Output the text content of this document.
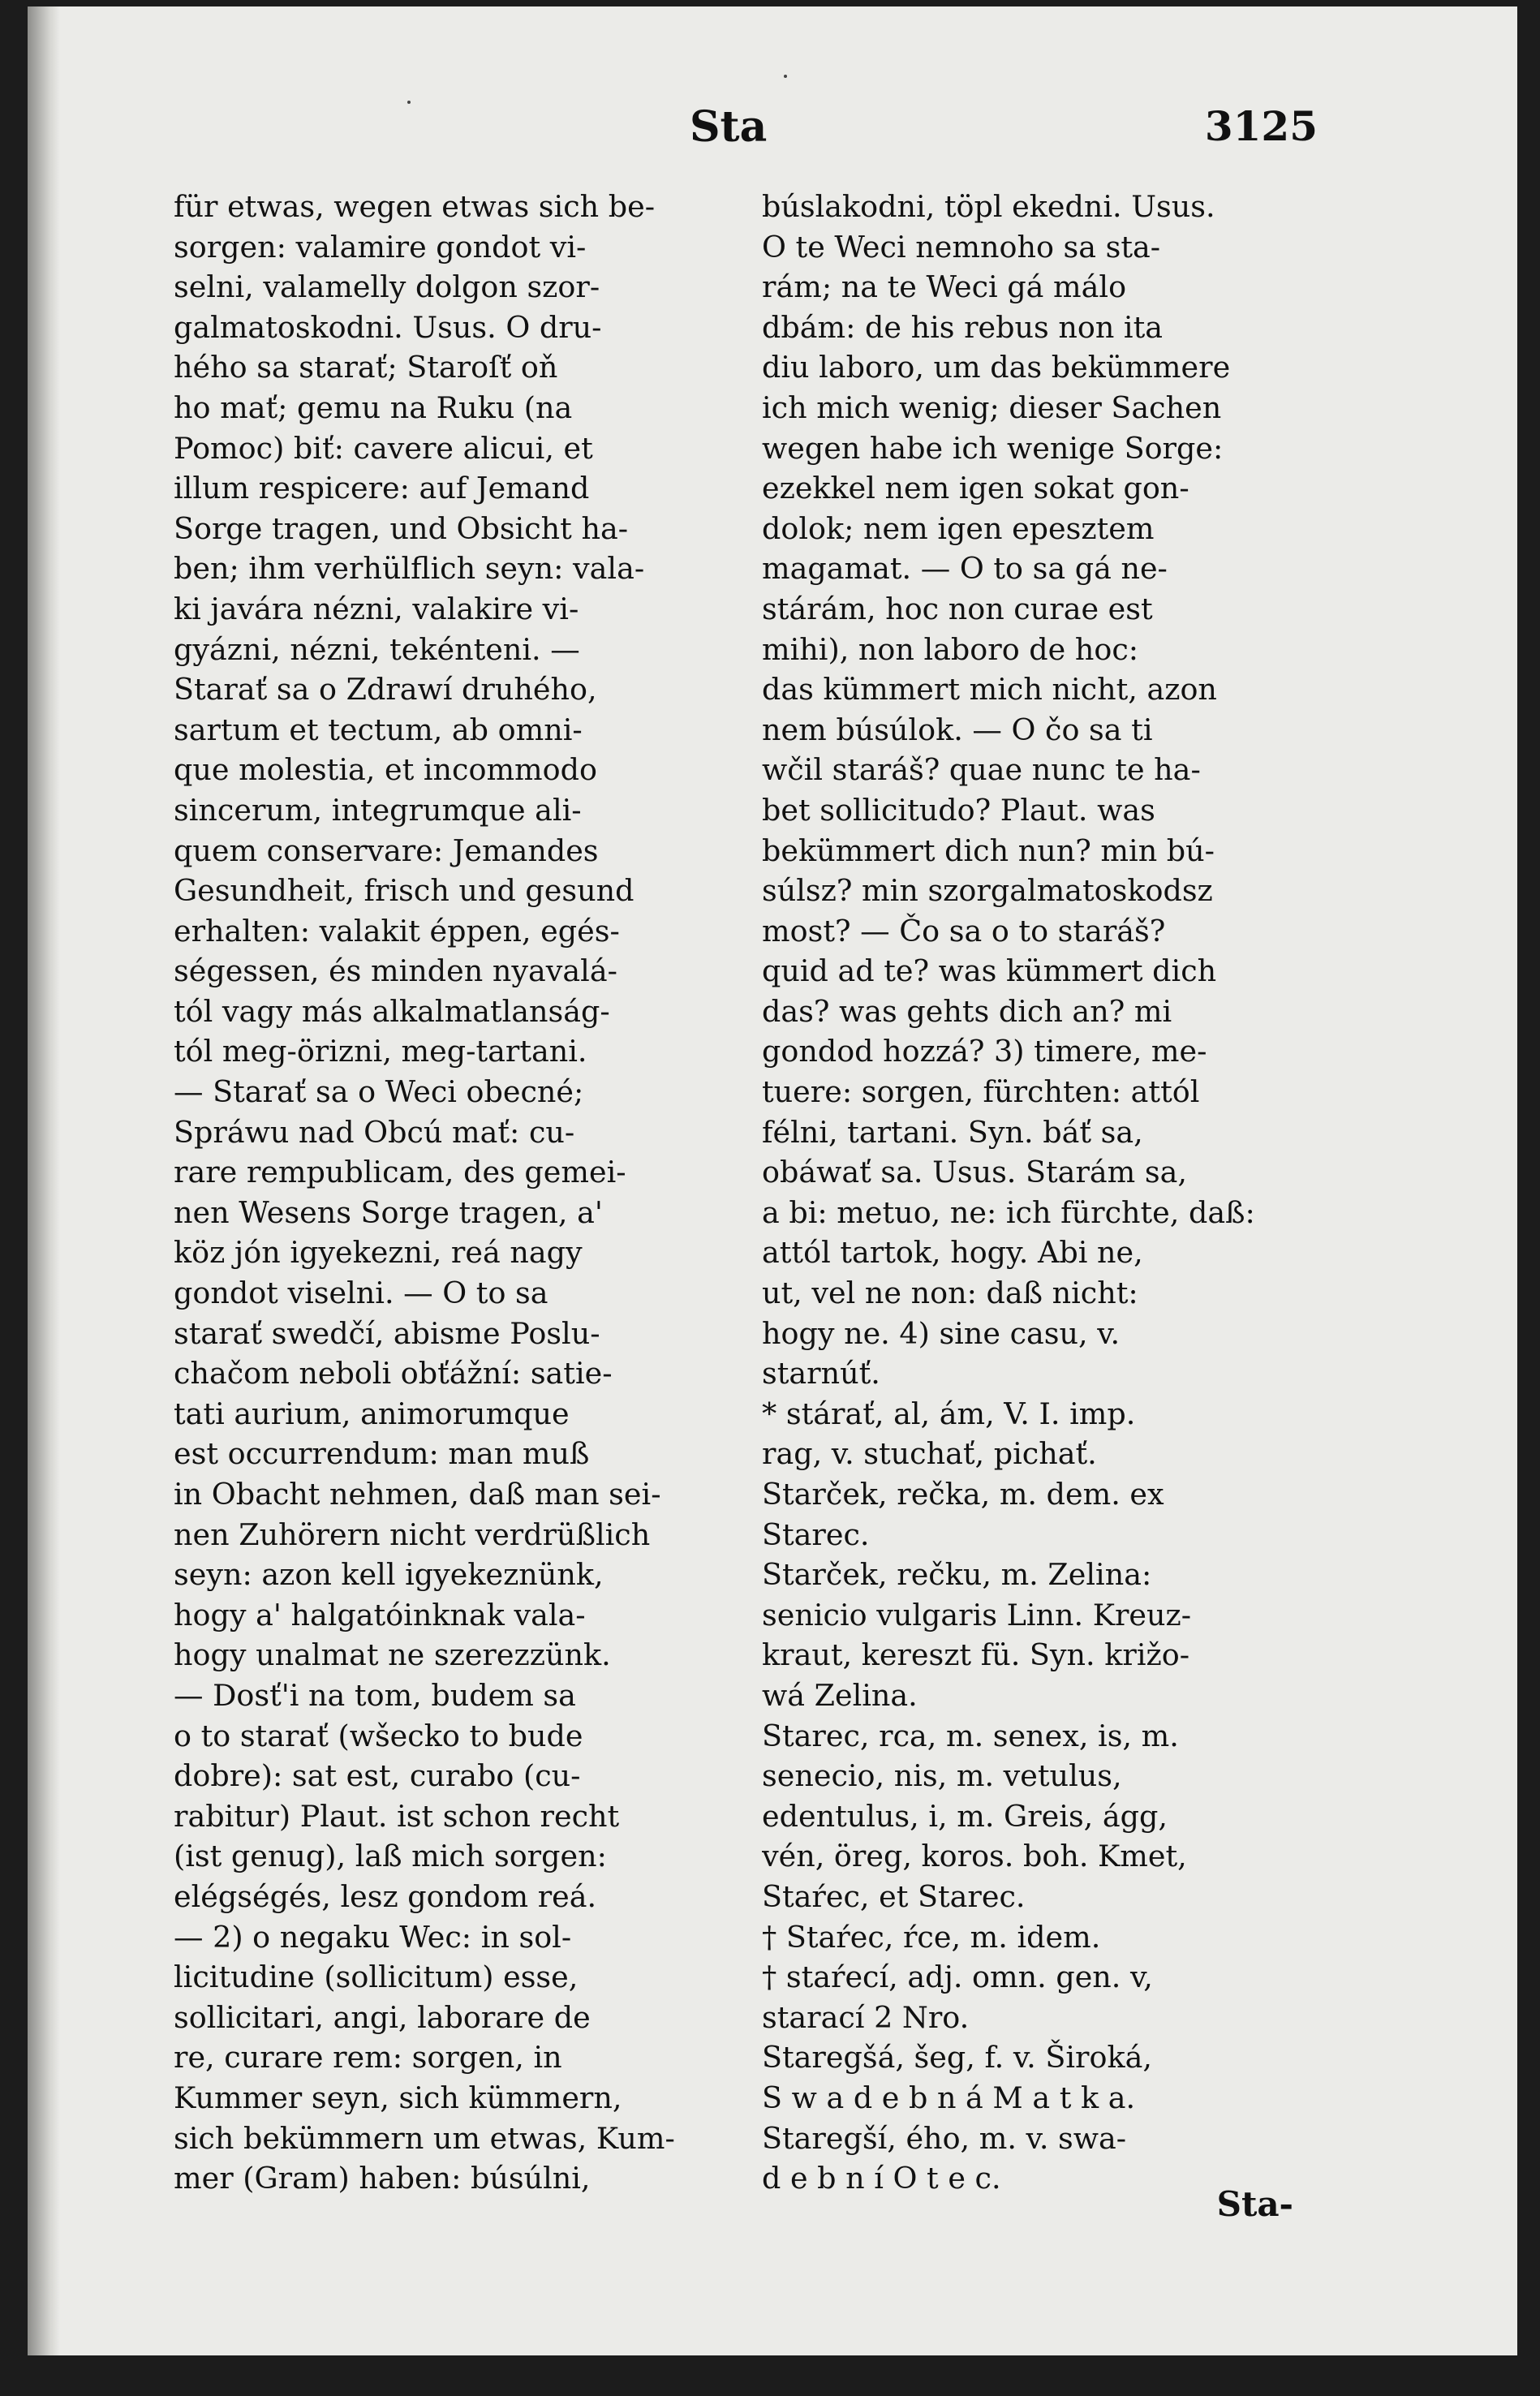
Sta	3125
für etwas, wegen etwas sich be-
sorgen: valamire gondot vi-
selni, valamelly dolgon szor-
galmatoskodni. Usus. O dru-
hého sa starať; Staroſť oň
ho mať; gemu na Ruku (na
Pomoc) biť: cavere alicui, et
illum respicere: auf Jemand
Sorge tragen, und Obsicht ha-
ben; ihm verhülflich seyn: vala-
ki javára nézni, valakire vi-
gyázni, nézni, tekénteni. —
Starať sa o Zdrawí druhého,
sartum et tectum, ab omni-
que molestia, et incommodo
sincerum, integrumque ali-
quem conservare: Jemandes
Gesundheit, frisch und gesund
erhalten: valakit éppen, egés-
ségessen, és minden nyavalá-
tól vagy más alkalmatlanság-
tól meg-örizni, meg-tartani.
— Starať sa o Weci obecné;
Spráwu nad Obcú mať: cu-
rare rempublicam, des gemei-
nen Wesens Sorge tragen, a'
köz jón igyekezni, reá nagy
gondot viselni. — O to sa
starať swedčí, abisme Poslu-
chačom neboli obťážní: satie-
tati aurium, animorumque
est occurrendum: man muß
in Obacht nehmen, daß man sei-
nen Zuhörern nicht verdrüßlich
seyn: azon kell igyekeznünk,
hogy a' halgatóinknak vala-
hogy unalmat ne szerezzünk.
— Dosť'i na tom, budem sa
o to starať (wšecko to bude
dobre): sat est, curabo (cu-
rabitur) Plaut. ist schon recht
(ist genug), laß mich sorgen:
elégségés, lesz gondom reá.
— 2) o negaku Wec: in sol-
licitudine (sollicitum) esse,
sollicitari, angi, laborare de
re, curare rem: sorgen, in
Kummer seyn, sich kümmern,
sich bekümmern um etwas, Kum-
mer (Gram) haben: búsúlni,
búslakodni, töpl ekedni. Usus.
O te Weci nemnoho sa sta-
rám; na te Weci gá málo
dbám: de his rebus non ita
diu laboro, um das bekümmere
ich mich wenig; dieser Sachen
wegen habe ich wenige Sorge:
ezekkel nem igen sokat gon-
dolok; nem igen epesztem
magamat. — O to sa gá ne-
stárám, hoc non curae est
mihi), non laboro de hoc:
das kümmert mich nicht, azon
nem búsúlok. — O čo sa ti
wčil staráš? quae nunc te ha-
bet sollicitudo? Plaut. was
bekümmert dich nun? min bú-
súlsz? min szorgalmatoskodsz
most? — Čo sa o to staráš?
quid ad te? was kümmert dich
das? was gehts dich an? mi
gondod hozzá? 3) timere, me-
tuere: sorgen, fürchten: attól
félni, tartani. Syn. báť sa,
obáwať sa. Usus. Starám sa,
a bi: metuo, ne: ich fürchte, daß:
attól tartok, hogy. Abi ne,
ut, vel ne non: daß nicht:
hogy ne. 4) sine casu, v.
starnúť.
* stárať, al, ám, V. I. imp.
rag, v. stuchať, pichať.
Starček, rečka, m. dem. ex
Starec.
Starček, rečku, m. Zelina:
senicio vulgaris Linn. Kreuz-
kraut, kereszt fü. Syn. križo-
wá Zelina.
Starec, rca, m. senex, is, m.
senecio, nis, m. vetulus,
edentulus, i, m. Greis, ágg,
vén, öreg, koros. boh. Kmet,
Staŕec, et Starec.
† Staŕec, ŕce, m. idem.
† staŕecí, adj. omn. gen. v,
starací 2 Nro.
Staregšá, šeg, f. v. Široká,
S w a d e b n á M a t k a.
Staregší, ého, m. v. swa-
d e b n í O t e c.
Sta-
